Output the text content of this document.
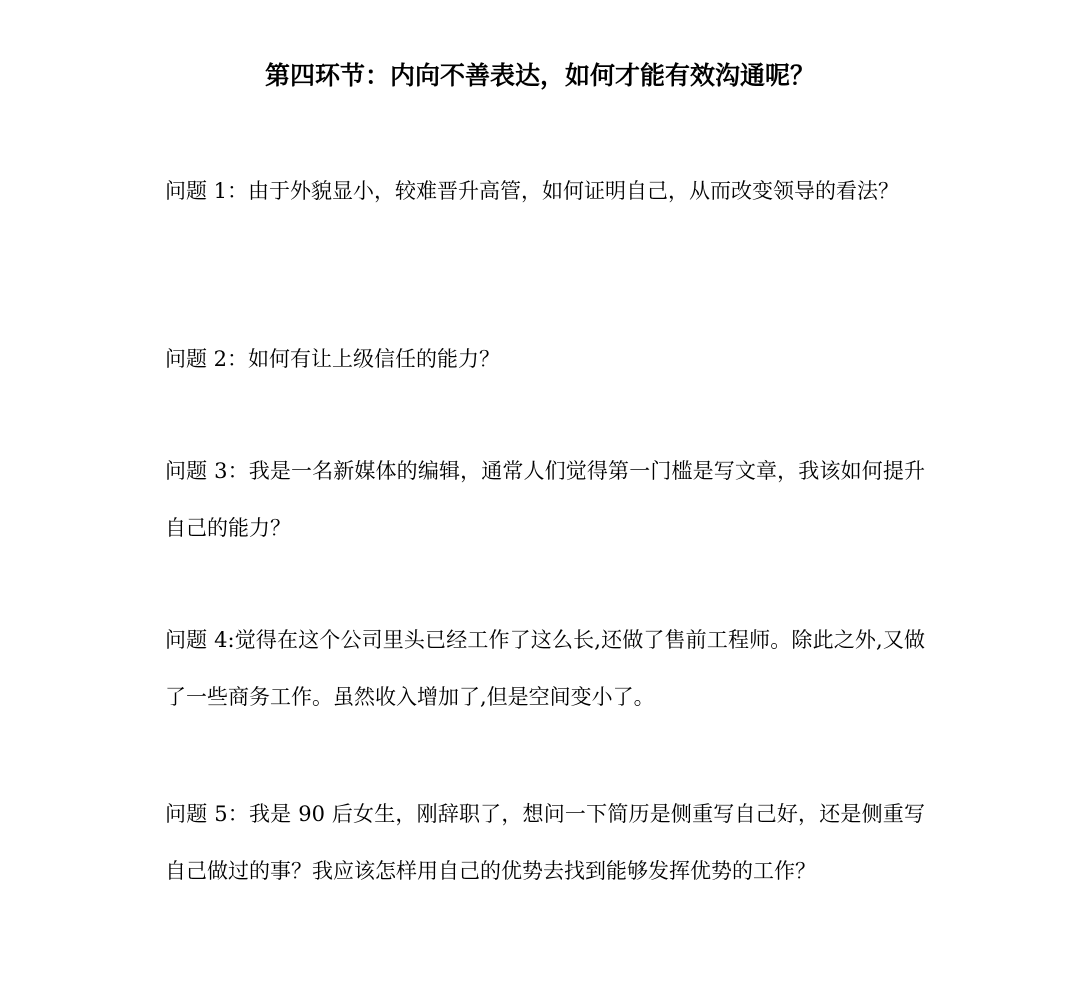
第四环节：内向不善表达，如何才能有效沟通呢？

问题 1：由于外貌显小，较难晋升高管，如何证明自己，从而改变领导的看法？

问题 2：如何有让上级信任的能力？

问题 3：我是一名新媒体的编辑，通常人们觉得第一门槛是写文章，我该如何提升自己的能力？

问题 4:觉得在这个公司里头已经工作了这么长,还做了售前工程师。除此之外,又做了一些商务工作。虽然收入增加了,但是空间变小了。

问题 5：我是 90 后女生，刚辞职了，想问一下简历是侧重写自己好，还是侧重写自己做过的事？我应该怎样用自己的优势去找到能够发挥优势的工作？
